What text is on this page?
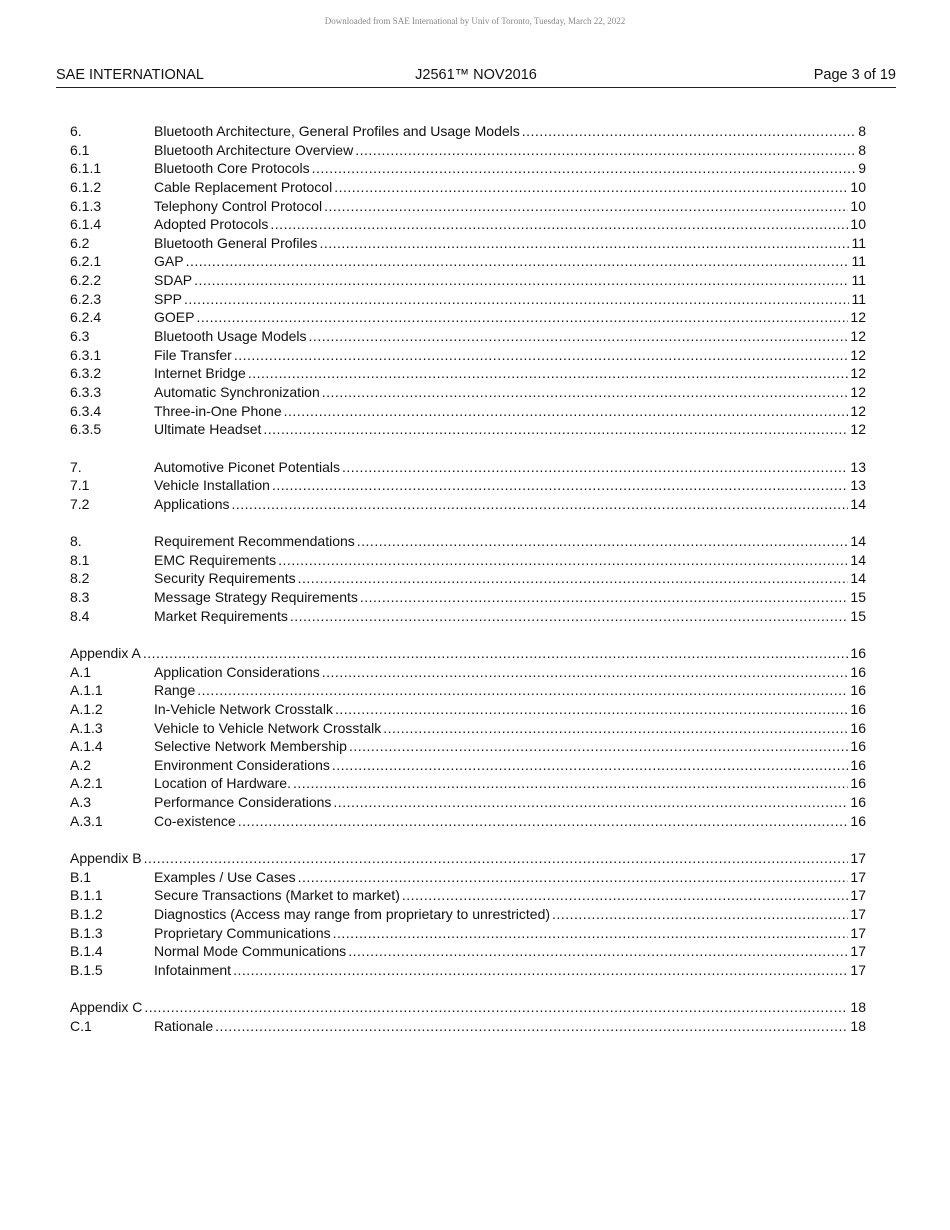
Downloaded from SAE International by Univ of Toronto, Tuesday, March 22, 2022
J2561™ NOV2016
SAE INTERNATIONAL	Page 3 of 19
6.	Bluetooth Architecture, General Profiles and Usage Models .....	8
6.1	Bluetooth Architecture Overview .....	8
6.1.1	Bluetooth Core Protocols .....	9
6.1.2	Cable Replacement Protocol .....	10
6.1.3	Telephony Control Protocol .....	10
6.1.4	Adopted Protocols .....	10
6.2	Bluetooth General Profiles .....	11
6.2.1	GAP .....	11
6.2.2	SDAP .....	11
6.2.3	SPP .....	11
6.2.4	GOEP .....	12
6.3	Bluetooth Usage Models .....	12
6.3.1	File Transfer .....	12
6.3.2	Internet Bridge .....	12
6.3.3	Automatic Synchronization .....	12
6.3.4	Three-in-One Phone .....	12
6.3.5	Ultimate Headset .....	12
7.	Automotive Piconet Potentials .....	13
7.1	Vehicle Installation .....	13
7.2	Applications .....	14
8.	Requirement Recommendations .....	14
8.1	EMC Requirements .....	14
8.2	Security Requirements .....	14
8.3	Message Strategy Requirements .....	15
8.4	Market Requirements .....	15
Appendix A .....	16
A.1	Application Considerations .....	16
A.1.1	Range .....	16
A.1.2	In-Vehicle Network Crosstalk .....	16
A.1.3	Vehicle to Vehicle Network Crosstalk .....	16
A.1.4	Selective Network Membership .....	16
A.2	Environment Considerations .....	16
A.2.1	Location of Hardware. .....	16
A.3	Performance Considerations .....	16
A.3.1	Co-existence .....	16
Appendix B .....	17
B.1	Examples / Use Cases .....	17
B.1.1	Secure Transactions (Market to market) .....	17
B.1.2	Diagnostics (Access may range from proprietary to unrestricted) .....	17
B.1.3	Proprietary Communications .....	17
B.1.4	Normal Mode Communications .....	17
B.1.5	Infotainment .....	17
Appendix C .....	18
C.1	Rationale .....	18
